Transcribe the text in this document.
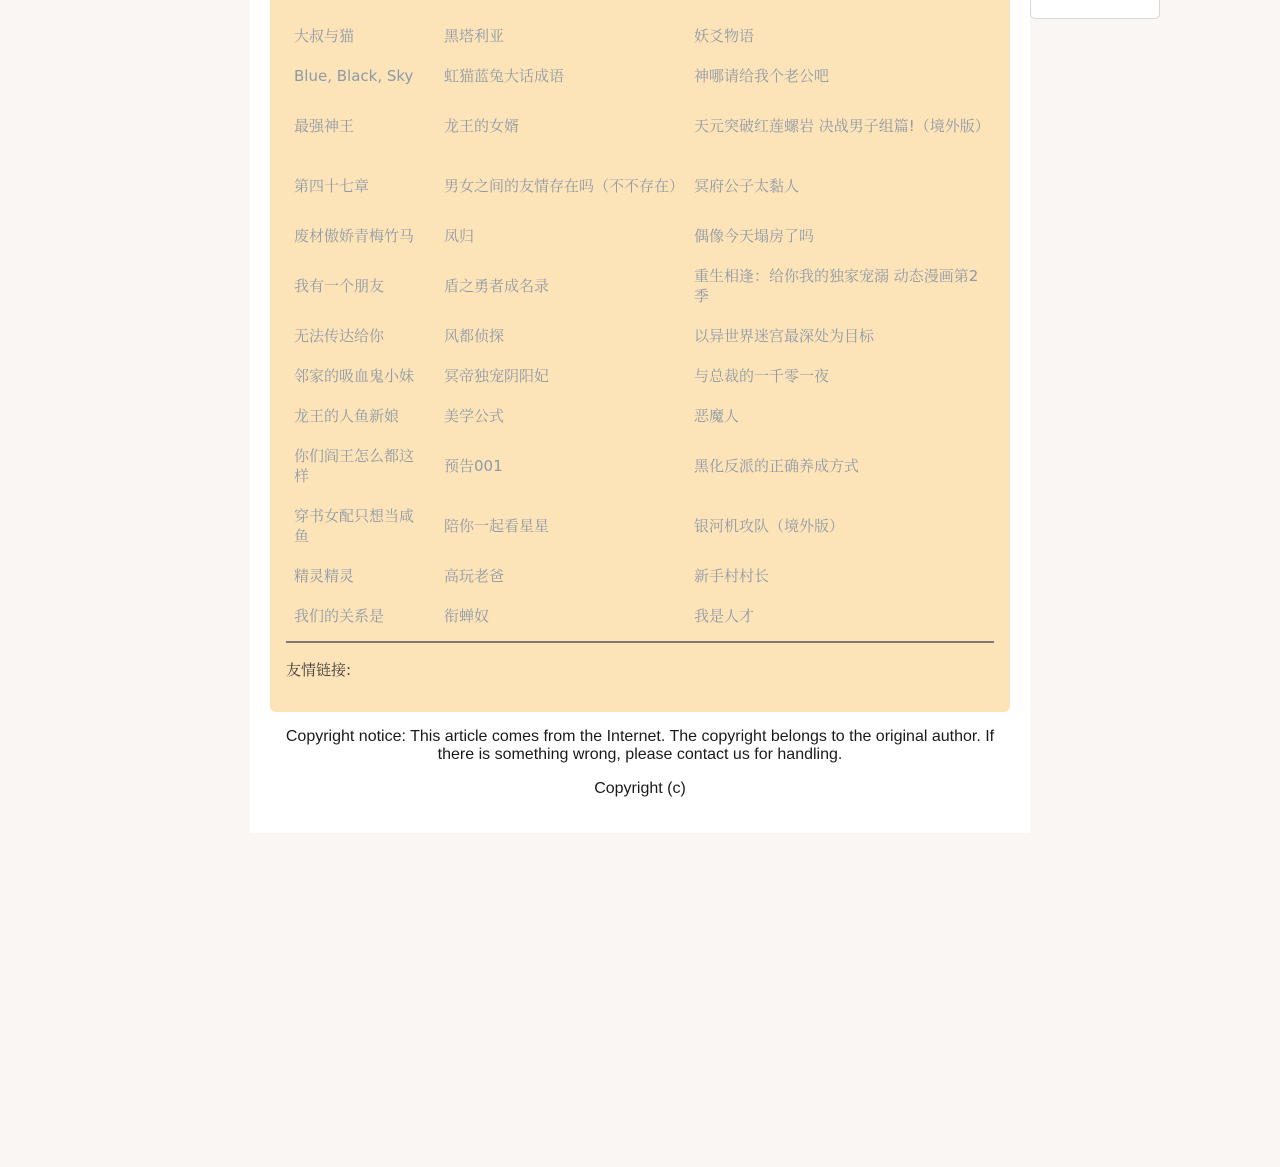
大叔与猫	黑塔利亚	妖爻物语
Blue, Black, Sky	虹猫蓝兔大话成语	神哪请给我个老公吧
最强神王	龙王的女婿	天元突破红莲螺岩 决战男子组篇!（境外版）
第四十七章	男女之间的友情存在吗（不不存在）	冥府公子太黏人
废材傲娇青梅竹马	凤归	偶像今天塌房了吗
我有一个朋友	盾之勇者成名录	重生相逢：给你我的独家宠溺 动态漫画第2季
无法传达给你	风都侦探	以异世界迷宫最深处为目标
邻家的吸血鬼小妹	冥帝独宠阴阳妃	与总裁的一千零一夜
龙王的人鱼新娘	美学公式	恶魔人
你们阎王怎么都这样	预告001	黑化反派的正确养成方式
穿书女配只想当咸鱼	陪你一起看星星	银河机攻队（境外版）
精灵精灵	高玩老爸	新手村村长
我们的关系是	衔蝉奴	我是人才
友情链接:
Copyright notice: This article comes from the Internet. The copyright belongs to the original author. If there is something wrong, please contact us for handling.
Copyright (c)
